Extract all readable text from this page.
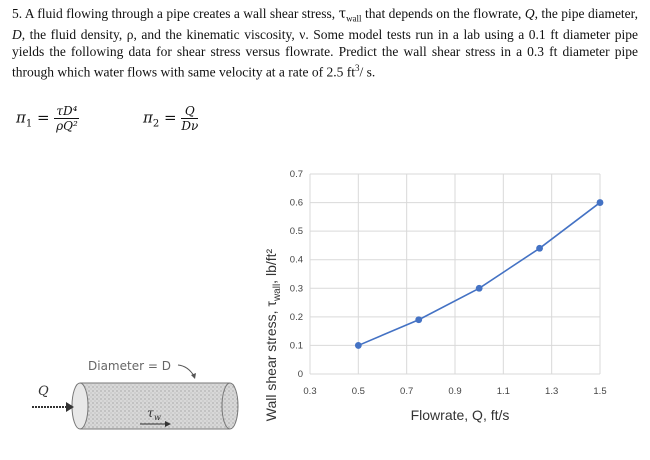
5. A fluid flowing through a pipe creates a wall shear stress, $\tau_{wall}$ that depends on the flowrate, Q, the pipe diameter, D, the fluid density, ρ, and the kinematic viscosity, ν. Some model tests run in a lab using a 0.1 ft diameter pipe yields the following data for shear stress versus flowrate. Predict the wall shear stress in a 0.3 ft diameter pipe through which water flows with same velocity at a rate of 2.5 $ft^3/$ s.

$\pi_1 = \frac{\text{τD⁴}}{\text{ρQ²}}$	$\pi_2 = \frac{Q}{D\nu}$
Diameter = D
Q
τ w
0
0.1
0.2
0.3
0.4
0.5
0.6
0.7
0.3	0.5	0.7	0.9	1.1	1.3	1.5
Flowrate, Q, ft/s
Wall shear stress, $\tau_{wall}$, lb/ft²
